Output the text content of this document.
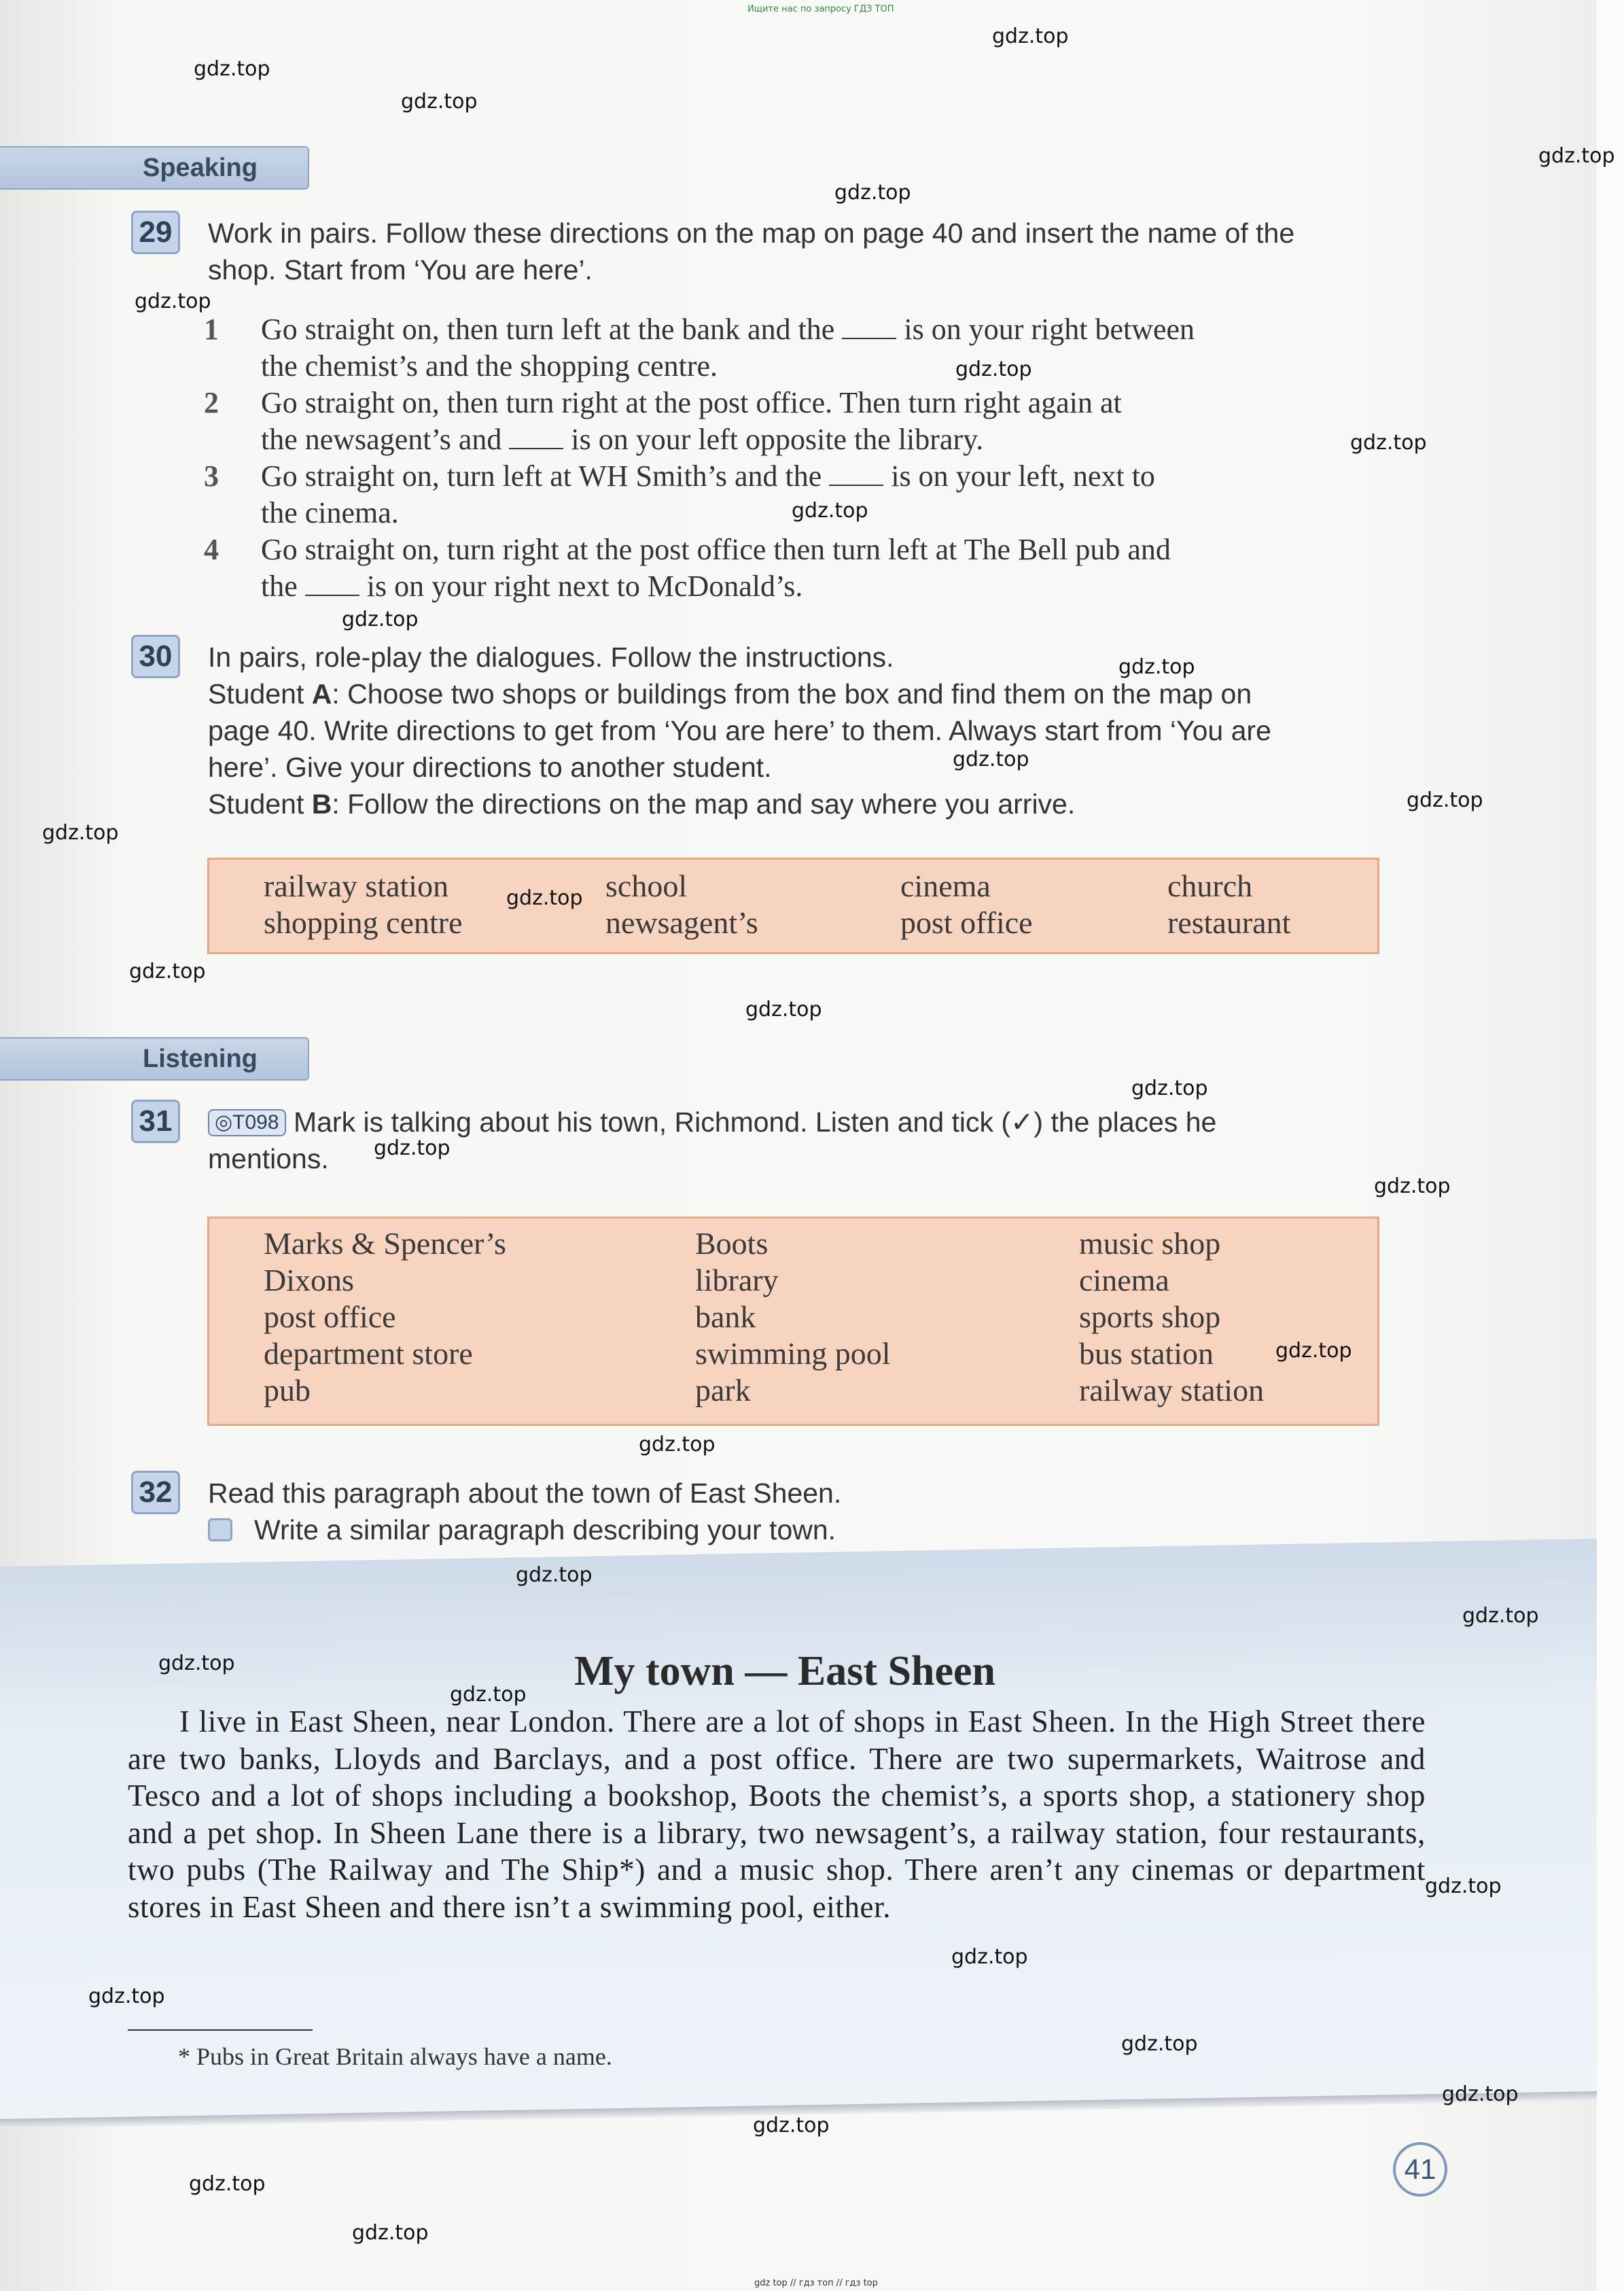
Ищите нас по запросу ГДЗ ТОП
Speaking
29 Work in pairs. Follow these directions on the map on page 40 and insert the name of the
shop. Start from ‘You are here’.
1 Go straight on, then turn left at the bank and the is on your right between
the chemist’s and the shopping centre.
2 Go straight on, then turn right at the post office. Then turn right again at
the newsagent’s and is on your left opposite the library.
3 Go straight on, turn left at WH Smith’s and the is on your left, next to
the cinema.
4 Go straight on, turn right at the post office then turn left at The Bell pub and
the is on your right next to McDonald’s.
30 In pairs, role-play the dialogues. Follow the instructions.
Student A: Choose two shops or buildings from the box and find them on the map on
page 40. Write directions to get from ‘You are here’ to them. Always start from ‘You are
here’. Give your directions to another student.
Student B: Follow the directions on the map and say where you arrive.
railway station
shopping centre
school
newsagent’s
cinema
post office
church
restaurant
Listening
31	◎T098 Mark is talking about his town, Richmond. Listen and tick (✓) the places he
mentions.
Marks & Spencer’s
Dixons
post office
department store
pub
Boots
library
bank
swimming pool
park
music shop
cinema
sports shop
bus station
railway station
32 Read this paragraph about the town of East Sheen.
Write a similar paragraph describing your town.
My town — East Sheen
I live in East Sheen, near London. There are a lot of shops in East Sheen. In the High Street there are two banks, Lloyds and Barclays, and a post office. There are two supermarkets, Waitrose and Tesco and a lot of shops including a bookshop, Boots the chemist’s, a sports shop, a stationery shop and a pet shop. In Sheen Lane there is a library, two newsagent’s, a railway station, four restaurants, two pubs (The Railway and The Ship*) and a music shop. There aren’t any cinemas or department stores in East Sheen and there isn’t a swimming pool, either.
* Pubs in Great Britain always have a name.
41
gdz top // гдз топ // гдз top
gdz.top
gdz.top
gdz.top
gdz.top
gdz.top
gdz.top
gdz.top
gdz.top
gdz.top
gdz.top
gdz.top
gdz.top
gdz.top
gdz.top
gdz.top
gdz.top
gdz.top
gdz.top
gdz.top
gdz.top
gdz.top
gdz.top
gdz.top
gdz.top
gdz.top
gdz.top
gdz.top
gdz.top
gdz.top
gdz.top
gdz.top
gdz.top
gdz.top
gdz.top
